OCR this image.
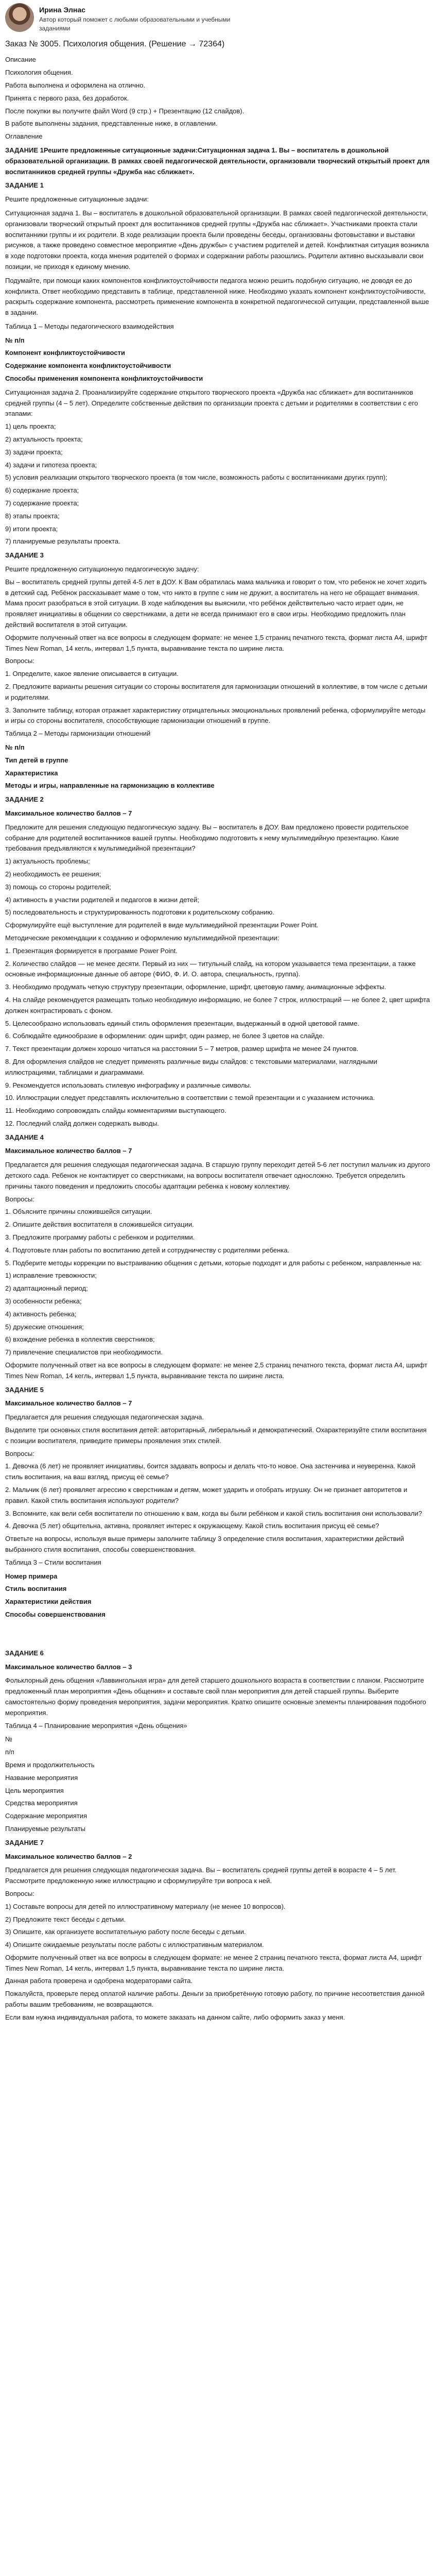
Ирина Элнас
Автор который поможет с любыми образовательными и учебными заданиями
Заказ № 3005. Психология общения. (Решение → 72364)
Описание
Психология общения.
Работа выполнена и оформлена на отлично.
Принята с первого раза, без доработок.
После покупки вы получите файл Word (9 стр.) + Презентацию (12 слайдов).
В работе выполнены задания, представленные ниже, в оглавлении.
Оглавление

ЗАДАНИЕ 1Решите предложенные ситуационные задачи:Ситуационная задача 1. Вы – воспитатель в дошкольной образовательной организации. В рамках своей педагогической деятельности, организовали творческий открытый проект для воспитанников средней группы «Дружба нас сближает».

ЗАДАНИЕ 1

Решите предложенные ситуационные задачи:

Ситуационная задача 1. Вы – воспитатель в дошкольной образовательной организации. В рамках своей педагогической деятельности, организовали творческий открытый проект для воспитанников средней группы «Дружба нас сближает». Участниками проекта стали воспитанники группы и их родители. В ходе реализации проекта были проведены беседы, организованы фотовыставки и выставки рисунков, а также проведено совместное мероприятие «День дружбы» с участием родителей и детей. Конфликтная ситуация возникла в ходе подготовки проекта, когда мнения родителей о формах и содержании работы разошлись. Родители активно высказывали свои позиции, не приходя к единому мнению.

Подумайте, при помощи каких компонентов конфликтоустойчивости педагога можно решить подобную ситуацию, не доводя ее до конфликта. Ответ необходимо представить в таблице, представленной ниже. Необходимо указать компонент конфликтоустойчивости, раскрыть содержание компонента, рассмотреть применение компонента в конкретной педагогической ситуации, представленной выше в задании.

Таблица 1 – Методы педагогического взаимодействия

№ п/п
Компонент конфликтоустойчивости
Содержание компонента конфликтоустойчивости
Способы применения компонента конфликтоустойчивости
Ситуационная задача 2. Проанализируйте содержание открытого творческого проекта «Дружба нас сближает» для воспитанников средней группы (4 – 5 лет). Определите собственные действия по организации проекта с детьми и родителями в соответствии с его этапами:
1) цель проекта;
2) актуальность проекта;
3) задачи проекта;
4) задачи и гипотеза проекта;
5) условия реализации открытого творческого проекта (в том числе, возможность работы с воспитанниками других групп);
6) содержание проекта;
7) содержание проекта;
8) этапы проекта;
9) итоги проекта;
7) планируемые результаты проекта.

ЗАДАНИЕ 3

Решите предложенную ситуационную педагогическую задачу:
Вы – воспитатель средней группы детей 4-5 лет в ДОУ. К Вам обратилась мама мальчика и говорит о том, что ребенок не хочет ходить в детский сад. Ребёнок рассказывает маме о том, что никто в группе с ним не дружит, а воспитатель на него не обращает внимания. Мама просит разобраться в этой ситуации. В ходе наблюдения вы выяснили, что ребёнок действительно часто играет один, не проявляет инициативы в общении со сверстниками, а дети не всегда принимают его в свои игры. Необходимо предложить план действий воспитателя в этой ситуации.
Оформите полученный ответ на все вопросы в следующем формате: не менее 1,5 страниц печатного текста, формат листа А4, шрифт Times New Roman, 14 кегль, интервал 1,5 пункта, выравнивание текста по ширине листа.
Вопросы:
1. Определите, какое явление описывается в ситуации.
2. Предложите варианты решения ситуации со стороны воспитателя для гармонизации отношений в коллективе, в том числе с детьми и родителями.
3. Заполните таблицу, которая отражает характеристику отрицательных эмоциональных проявлений ребенка, сформулируйте методы и игры со стороны воспитателя, способствующие гармонизации отношений в группе.
Таблица 2 – Методы гармонизации отношений
№ п/п
Тип детей в группе
Характеристика
Методы и игры, направленные на гармонизацию в коллективе

ЗАДАНИЕ 2

Максимальное количество баллов – 7

Предложите для решения следующую педагогическую задачу. Вы – воспитатель в ДОУ. Вам предложено провести родительское собрание для родителей воспитанников вашей группы. Необходимо подготовить к нему мультимедийную презентацию. Какие требования предъявляются к мультимедийной презентации?
1) актуальность проблемы;
2) необходимость ее решения;
3) помощь со стороны родителей;
4) активность в участии родителей и педагогов в жизни детей;
5) последовательность и структурированность подготовки к родительскому собранию.
Сформулируйте ещё выступление для родителей в виде мультимедийной презентации Power Point.
Методические рекомендации к созданию и оформлению мультимедийной презентации:
1. Презентация формируется в программе Power Point.
2. Количество слайдов — не менее десяти. Первый из них — титульный слайд, на котором указывается тема презентации, а также основные информационные данные об авторе (ФИО, Ф. И. О. автора, специальность, группа).
3. Необходимо продумать четкую структуру презентации, оформление, шрифт, цветовую гамму, анимационные эффекты.
4. На слайде рекомендуется размещать только необходимую информацию, не более 7 строк, иллюстраций — не более 2, цвет шрифта должен контрастировать с фоном.
5. Целесообразно использовать единый стиль оформления презентации, выдержанный в одной цветовой гамме.
6. Соблюдайте единообразие в оформлении: один шрифт, один размер, не более 3 цветов на слайде.
7. Текст презентации должен хорошо читаться на расстоянии 5 – 7 метров, размер шрифта не менее 24 пунктов.
8. Для оформления слайдов не следует применять различные виды слайдов: с текстовыми материалами, наглядными иллюстрациями, таблицами и диаграммами.
9. Рекомендуется использовать стилевую инфографику и различные символы.
10. Иллюстрации следует представлять исключительно в соответствии с темой презентации и с указанием источника.
11. Необходимо сопровождать слайды комментариями выступающего.
12. Последний слайд должен содержать выводы.

ЗАДАНИЕ 4

Максимальное количество баллов – 7

Предлагается для решения следующая педагогическая задача. В старшую группу переходит детей 5-6 лет поступил мальчик из другого детского сада. Ребенок не контактирует со сверстниками, на вопросы воспитателя отвечает односложно. Требуется определить причины такого поведения и предложить способы адаптации ребенка к новому коллективу.
Вопросы:
1. Объясните причины сложившейся ситуации.
2. Опишите действия воспитателя в сложившейся ситуации.
3. Предложите программу работы с ребенком и родителями.
4. Подготовьте план работы по воспитанию детей и сотрудничеству с родителями ребенка.
5. Подберите методы коррекции по выстраиванию общения с детьми, которые подходят и для работы с ребенком, направленные на:
1) исправление тревожности;
2) адаптационный период;
3) особенности ребенка;
4) активность ребенка;
5) дружеские отношения;
6) вхождение ребенка в коллектив сверстников;
7) привлечение специалистов при необходимости.
Оформите полученный ответ на все вопросы в следующем формате: не менее 2,5 страниц печатного текста, формат листа А4, шрифт Times New Roman, 14 кегль, интервал 1,5 пункта, выравнивание текста по ширине листа.

ЗАДАНИЕ 5

Максимальное количество баллов – 7

Предлагается для решения следующая педагогическая задача.
Выделите три основных стиля воспитания детей: авторитарный, либеральный и демократический. Охарактеризуйте стили воспитания с позиции воспитателя, приведите примеры проявления этих стилей.
Вопросы:
1. Девочка (6 лет) не проявляет инициативы, боится задавать вопросы и делать что-то новое. Она застенчива и неуверенна. Какой стиль воспитания, на ваш взгляд, присущ её семье?
2. Мальчик (6 лет) проявляет агрессию к сверстникам и детям, может ударить и отобрать игрушку. Он не признает авторитетов и правил. Какой стиль воспитания используют родители?
3. Вспомните, как вели себя воспитатели по отношению к вам, когда вы были ребёнком и какой стиль воспитания они использовали?
4. Девочка (5 лет) общительна, активна, проявляет интерес к окружающему. Какой стиль воспитания присущ её семье?
Ответьте на вопросы, используя выше примеры заполните таблицу 3 определение стиля воспитания, характеристики действий выбранного стиля воспитания, способы совершенствования.
Таблица 3 – Стили воспитания
Номер примера
Стиль воспитания
Характеристики действия
Способы совершенствования

ЗАДАНИЕ 6

Максимальное количество баллов – 3

Фольклорный день общения «Лаввингольная игра» для детей старшего дошкольного возраста в соответствии с планом. Рассмотрите предложенный план мероприятия «День общения» и составьте свой план мероприятия для детей старшей группы. Выберите самостоятельно форму проведения мероприятия, задачи мероприятия. Кратко опишите основные элементы планирования подобного мероприятия.
Таблица 4 – Планирование мероприятия «День общения»
№
п/п
Время и продолжительность
Название мероприятия
Цель мероприятия
Средства мероприятия
Содержание мероприятия
Планируемые результаты

ЗАДАНИЕ 7

Максимальное количество баллов – 2

Предлагается для решения следующая педагогическая задача. Вы – воспитатель средней группы детей в возрасте 4 – 5 лет. Рассмотрите предложенную ниже иллюстрацию и сформулируйте три вопроса к ней.
Вопросы:
1) Составьте вопросы для детей по иллюстративному материалу (не менее 10 вопросов).
2) Предложите текст беседы с детьми.
3) Опишите, как организуете воспитательную работу после беседы с детьми.
4) Опишите ожидаемые результаты после работы с иллюстративным материалом.
Оформите полученный ответ на все вопросы в следующем формате: не менее 2 страниц печатного текста, формат листа А4, шрифт Times New Roman, 14 кегль, интервал 1,5 пункта, выравнивание текста по ширине листа.
Данная работа проверена и одобрена модераторами сайта.
Пожалуйста, проверьте перед оплатой наличие работы. Деньги за приобретённую готовую работу, по причине несоответствия данной работы вашим требованиям, не возвращаются.
Если вам нужна индивидуальная работа, то можете заказать на данном сайте, либо оформить заказ у меня.
